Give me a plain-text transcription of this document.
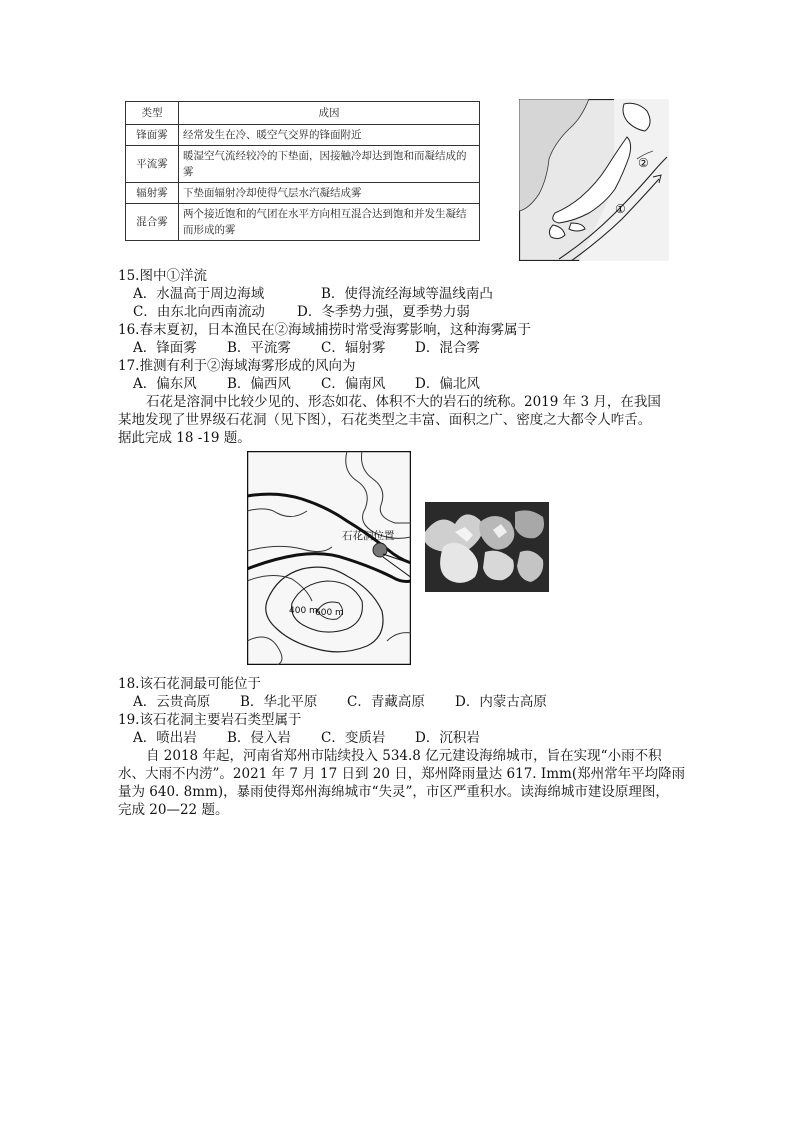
类型	成因
锋面雾	经常发生在冷、暖空气交界的锋面附近
平流雾	暖湿空气流经较冷的下垫面，因接触冷却达到饱和而凝结成的雾
辐射雾	下垫面辐射冷却使得气层水汽凝结成雾
混合雾	两个接近饱和的气团在水平方向相互混合达到饱和并发生凝结而形成的雾
①
②
15.图中①洋流
A．水温高于周边海域	B．使得流经海域等温线南凸
C．由东北向西南流动 D．冬季势力强，夏季势力弱
16.春末夏初，日本渔民在②海域捕捞时常受海雾影响，这种海雾属于
A．锋面雾 B．平流雾 C．辐射雾 D．混合雾
17.推测有利于②海域海雾形成的风向为
A．偏东风 B．偏西风 C．偏南风 D．偏北风
石花是溶洞中比较少见的、形态如花、体积不大的岩石的统称。2019 年 3 月，在我国
某地发现了世界级石花洞（见下图），石花类型之丰富、面积之广、密度之大都令人咋舌。
据此完成 18 -19 题。
石花洞位置
400 m
600 m
18.该石花洞最可能位于
A．云贵高原 B．华北平原 C．青藏高原 D．内蒙古高原
19.该石花洞主要岩石类型属于
A．喷出岩 B．侵入岩 C．变质岩 D．沉积岩
自 2018 年起，河南省郑州市陆续投入 534.8 亿元建设海绵城市，旨在实现“小雨不积
水、大雨不内涝”。2021 年 7 月 17 日到 20 日，郑州降雨量达 617. Imm(郑州常年平均降雨
量为 640. 8mm)，暴雨使得郑州海绵城市“失灵”，市区严重积水。读海绵城市建设原理图，
完成 20—22 题。
